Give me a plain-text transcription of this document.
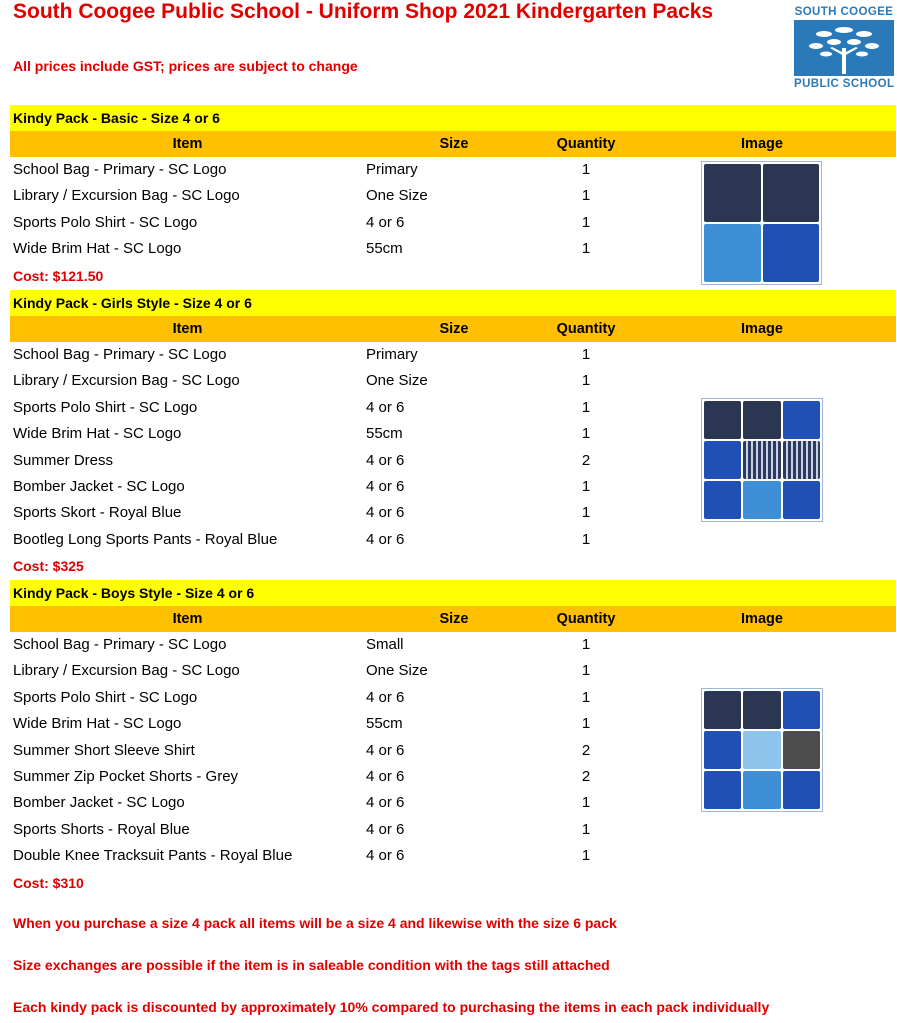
South Coogee Public School - Uniform Shop 2021 Kindergarten Packs
All prices include GST; prices are subject to change
SOUTH COOGEE
PUBLIC SCHOOL
Kindy Pack - Basic - Size 4 or 6
Item	Size	Quantity	Image
School Bag - Primary - SC Logo	Primary	1
Library / Excursion Bag - SC Logo	One Size	1
Sports Polo Shirt - SC Logo	4 or 6	1
Wide Brim Hat - SC Logo	55cm	1
Cost: $121.50
Kindy Pack - Girls Style - Size 4 or 6
Item	Size	Quantity	Image
School Bag - Primary - SC Logo	Primary	1
Library / Excursion Bag - SC Logo	One Size	1
Sports Polo Shirt - SC Logo	4 or 6	1
Wide Brim Hat - SC Logo	55cm	1
Summer Dress	4 or 6	2
Bomber Jacket - SC Logo	4 or 6	1
Sports Skort - Royal Blue	4 or 6	1
Bootleg Long Sports Pants - Royal Blue	4 or 6	1
Cost: $325
Kindy Pack - Boys Style - Size 4 or 6
Item	Size	Quantity	Image
School Bag - Primary - SC Logo	Small	1
Library / Excursion Bag - SC Logo	One Size	1
Sports Polo Shirt - SC Logo	4 or 6	1
Wide Brim Hat - SC Logo	55cm	1
Summer Short Sleeve Shirt	4 or 6	2
Summer Zip Pocket Shorts - Grey	4 or 6	2
Bomber Jacket - SC Logo	4 or 6	1
Sports Shorts - Royal Blue	4 or 6	1
Double Knee Tracksuit Pants - Royal Blue	4 or 6	1
Cost: $310
When you purchase a size 4 pack all items will be a size 4 and likewise with the size 6 pack
Size exchanges are possible if the item is in saleable condition with the tags still attached
Each kindy pack is discounted by approximately 10% compared to purchasing the items in each pack individually
